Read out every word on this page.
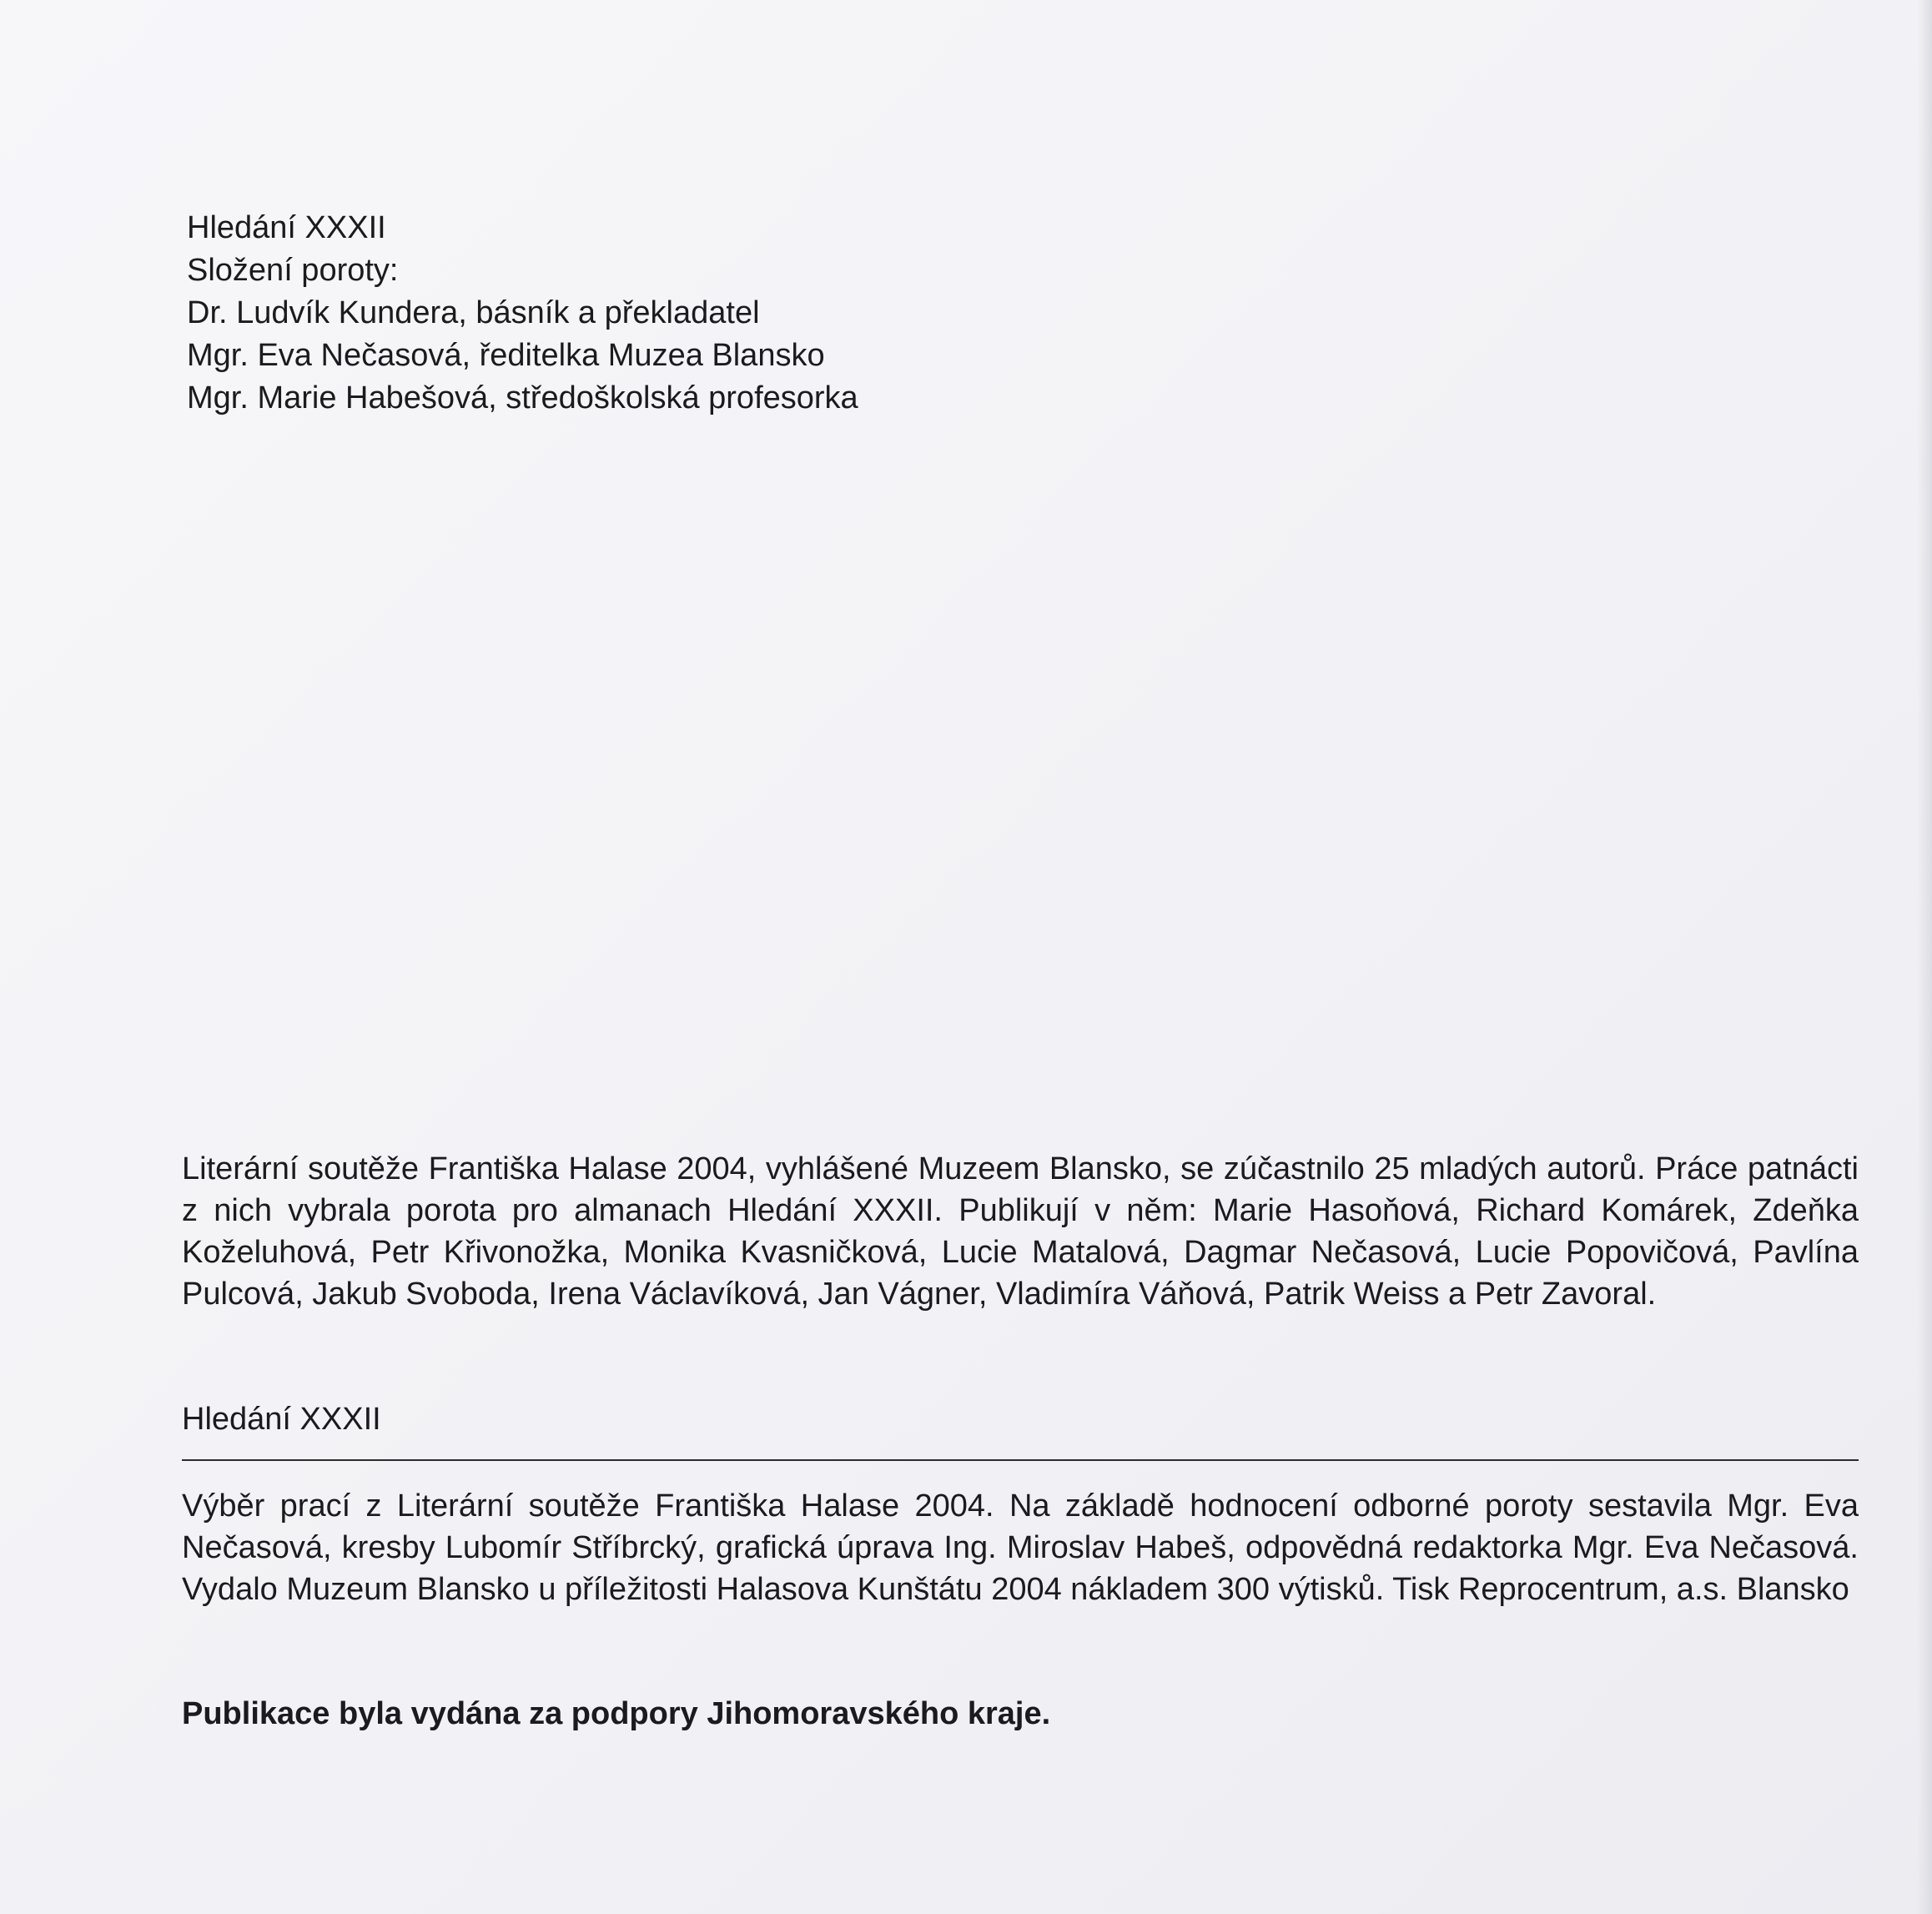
Hledání XXXII
Složení poroty:
Dr. Ludvík Kundera, básník a překladatel
Mgr. Eva Nečasová, ředitelka Muzea Blansko
Mgr. Marie Habešová, středoškolská profesorka
Literární soutěže Františka Halase 2004, vyhlášené Muzeem Blansko, se zúčastnilo 25 mladých autorů. Práce patnácti z nich vybrala porota pro almanach Hledání XXXII. Publikují v něm: Marie Hasoňová, Richard Komárek, Zdeňka Koželuhová, Petr Křivonožka, Monika Kvasničková, Lucie Matalová, Dagmar Nečasová, Lucie Popovičová, Pavlína Pulcová, Jakub Svoboda, Irena Václavíková, Jan Vágner, Vladimíra Váňová, Patrik Weiss a Petr Zavoral.
Hledání XXXII
Výběr prací z Literární soutěže Františka Halase 2004. Na základě hodnocení odborné poroty sestavila Mgr. Eva Nečasová, kresby Lubomír Stříbrcký, grafická úprava Ing. Miroslav Habeš, odpovědná redaktorka Mgr. Eva Nečasová. Vydalo Muzeum Blansko u příležitosti Halasova Kunštátu 2004 nákladem 300 výtisků. Tisk Reprocentrum, a.s. Blansko
Publikace byla vydána za podpory Jihomoravského kraje.
